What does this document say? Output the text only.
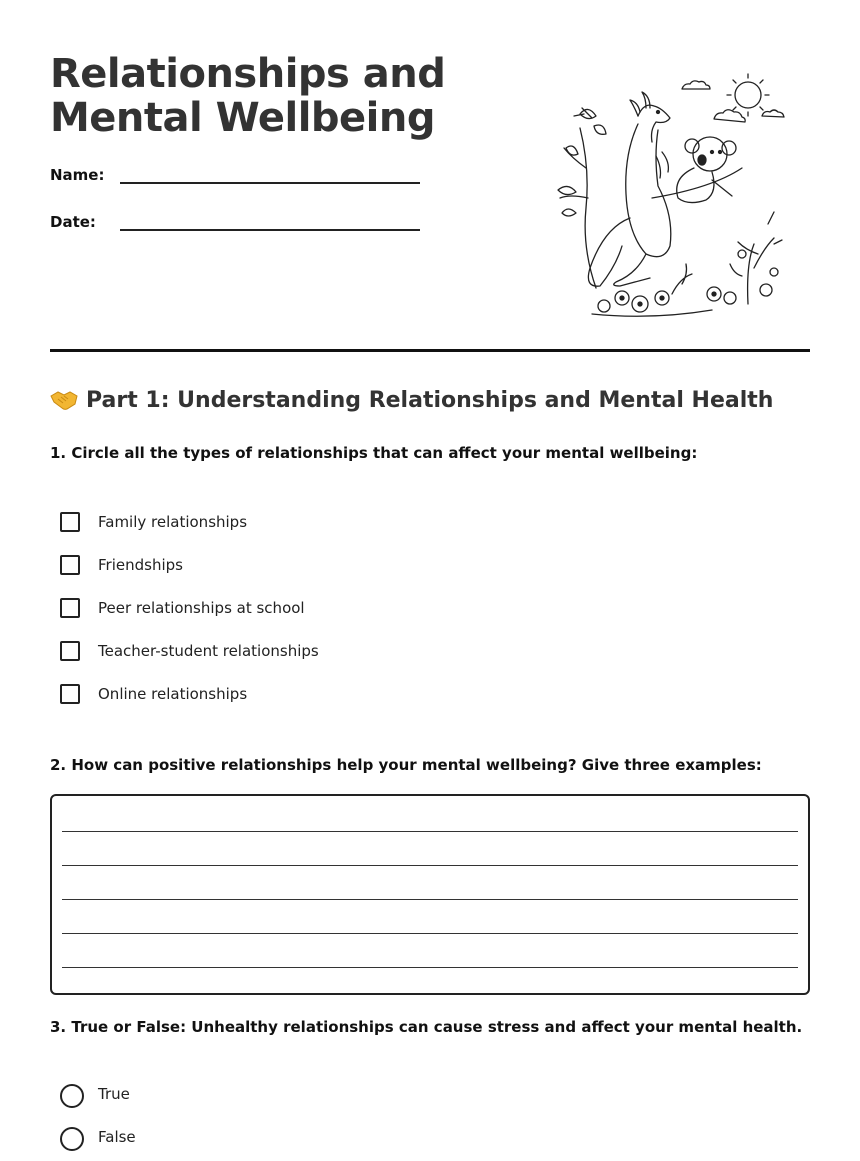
Relationships and
Mental Wellbeing
Name:
Date:
Part 1: Understanding Relationships and Mental Health
1. Circle all the types of relationships that can affect your mental wellbeing:
Family relationships
Friendships
Peer relationships at school
Teacher-student relationships
Online relationships
2. How can positive relationships help your mental wellbeing? Give three examples:
3. True or False: Unhealthy relationships can cause stress and affect your mental health.
True
False
